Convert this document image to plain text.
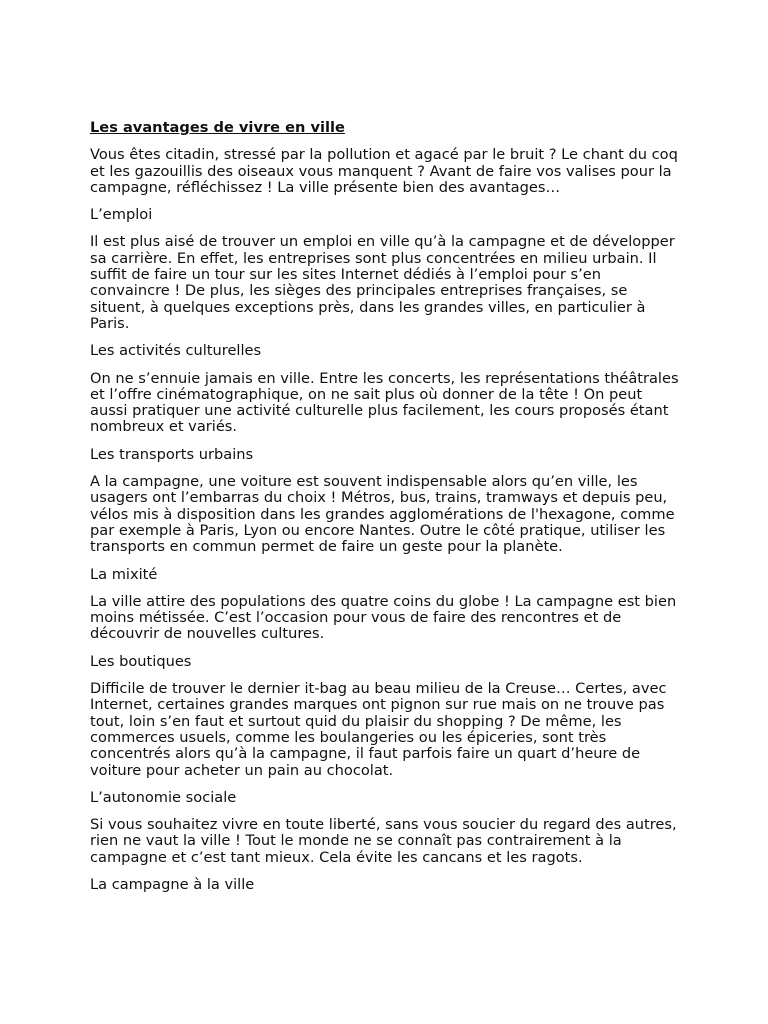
Les avantages de vivre en ville
Vous êtes citadin, stressé par la pollution et agacé par le bruit ? Le chant du coq et les gazouillis des oiseaux vous manquent ? Avant de faire vos valises pour la campagne, réfléchissez ! La ville présente bien des avantages…
L’emploi
Il est plus aisé de trouver un emploi en ville qu’à la campagne et de développer sa carrière. En effet, les entreprises sont plus concentrées en milieu urbain. Il suffit de faire un tour sur les sites Internet dédiés à l’emploi pour s’en convaincre ! De plus, les sièges des principales entreprises françaises, se situent, à quelques exceptions près, dans les grandes villes, en particulier à Paris.
Les activités culturelles
On ne s’ennuie jamais en ville. Entre les concerts, les représentations théâtrales et l’offre cinématographique, on ne sait plus où donner de la tête ! On peut aussi pratiquer une activité culturelle plus facilement, les cours proposés étant nombreux et variés.
Les transports urbains
A la campagne, une voiture est souvent indispensable alors qu’en ville, les usagers ont l’embarras du choix ! Métros, bus, trains, tramways et depuis peu, vélos mis à disposition dans les grandes agglomérations de l'hexagone, comme par exemple à Paris, Lyon ou encore Nantes. Outre le côté pratique, utiliser les transports en commun permet de faire un geste pour la planète.
La mixité
La ville attire des populations des quatre coins du globe ! La campagne est bien moins métissée. C’est l’occasion pour vous de faire des rencontres et de découvrir de nouvelles cultures.
Les boutiques
Difficile de trouver le dernier it-bag au beau milieu de la Creuse… Certes, avec Internet, certaines grandes marques ont pignon sur rue mais on ne trouve pas tout, loin s’en faut et surtout quid du plaisir du shopping ? De même, les commerces usuels, comme les boulangeries ou les épiceries, sont très concentrés alors qu’à la campagne, il faut parfois faire un quart d’heure de voiture pour acheter un pain au chocolat.
L’autonomie sociale
Si vous souhaitez vivre en toute liberté, sans vous soucier du regard des autres, rien ne vaut la ville ! Tout le monde ne se connaît pas contrairement à la campagne et c’est tant mieux. Cela évite les cancans et les ragots.
La campagne à la ville
